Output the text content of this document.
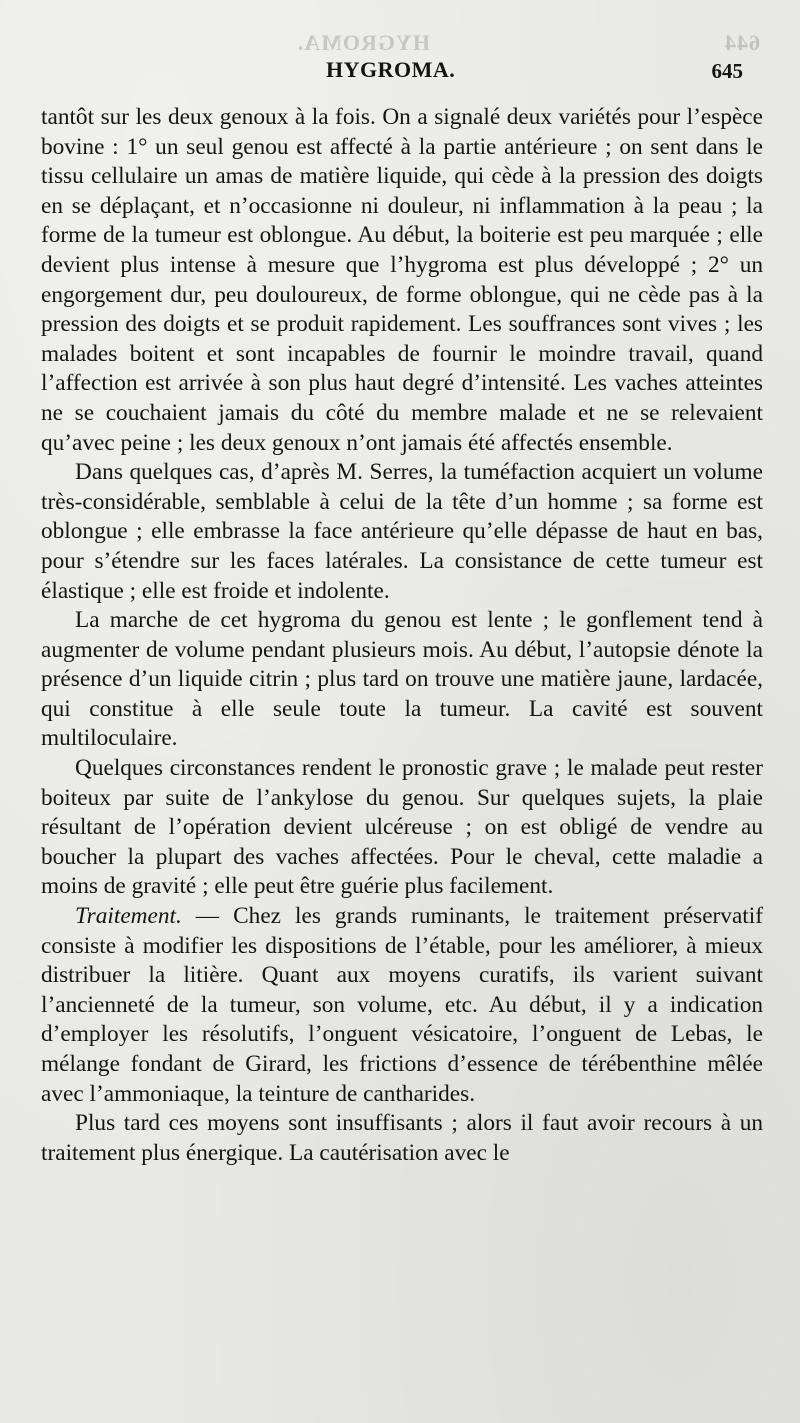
644
HYGROMA.
HYGROMA.	645

tantôt sur les deux genoux à la fois. On a signalé deux variétés pour l’espèce bovine : 1° un seul genou est affecté à la partie antérieure ; on sent dans le tissu cellulaire un amas de matière liquide, qui cède à la pression des doigts en se déplaçant, et n’occasionne ni douleur, ni inflammation à la peau ; la forme de la tumeur est oblongue. Au début, la boiterie est peu marquée ; elle devient plus intense à mesure que l’hygroma est plus développé ; 2° un engorgement dur, peu douloureux, de forme oblongue, qui ne cède pas à la pression des doigts et se produit rapidement. Les souffrances sont vives ; les malades boitent et sont incapables de fournir le moindre travail, quand l’affection est arrivée à son plus haut degré d’intensité. Les vaches atteintes ne se couchaient jamais du côté du membre malade et ne se relevaient qu’avec peine ; les deux genoux n’ont jamais été affectés ensemble.

Dans quelques cas, d’après M. Serres, la tuméfaction acquiert un volume très-considérable, semblable à celui de la tête d’un homme ; sa forme est oblongue ; elle embrasse la face antérieure qu’elle dépasse de haut en bas, pour s’étendre sur les faces latérales. La consistance de cette tumeur est élastique ; elle est froide et indolente.

La marche de cet hygroma du genou est lente ; le gonflement tend à augmenter de volume pendant plusieurs mois. Au début, l’autopsie dénote la présence d’un liquide citrin ; plus tard on trouve une matière jaune, lardacée, qui constitue à elle seule toute la tumeur. La cavité est souvent multiloculaire.

Quelques circonstances rendent le pronostic grave ; le malade peut rester boiteux par suite de l’ankylose du genou. Sur quelques sujets, la plaie résultant de l’opération devient ulcéreuse ; on est obligé de vendre au boucher la plupart des vaches affectées. Pour le cheval, cette maladie a moins de gravité ; elle peut être guérie plus facilement.

Traitement. — Chez les grands ruminants, le traitement préservatif consiste à modifier les dispositions de l’étable, pour les améliorer, à mieux distribuer la litière. Quant aux moyens curatifs, ils varient suivant l’ancienneté de la tumeur, son volume, etc. Au début, il y a indication d’employer les résolutifs, l’onguent vésicatoire, l’onguent de Lebas, le mélange fondant de Girard, les frictions d’essence de térébenthine mêlée avec l’ammoniaque, la teinture de cantharides.

Plus tard ces moyens sont insuffisants ; alors il faut avoir recours à un traitement plus énergique. La cautérisation avec le
